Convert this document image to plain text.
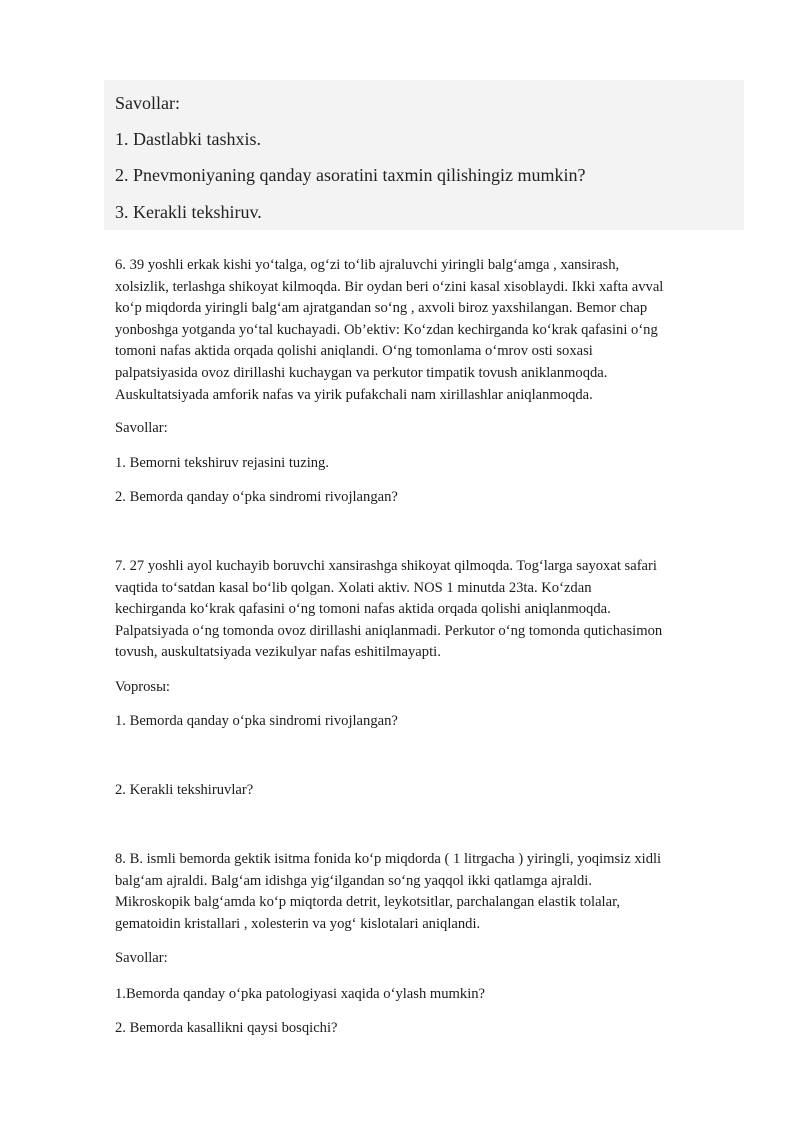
Savollar:
1. Dastlabki tashxis.
2. Pnevmoniyaning qanday asoratini taxmin qilishingiz mumkin?
3. Kerakli tekshiruv.
6. 39 yoshli erkak kishi yo‘talga, og‘zi to‘lib ajraluvchi yiringli balg‘amga , xansirash,
xolsizlik, terlashga shikoyat kilmoqda. Bir oydan beri o‘zini kasal xisoblaydi. Ikki xafta avval
ko‘p miqdorda yiringli balg‘am ajratgandan so‘ng , axvoli biroz yaxshilangan. Bemor chap
yonboshga yotganda yo‘tal kuchayadi. Ob’ektiv: Ko‘zdan kechirganda ko‘krak qafasini o‘ng
tomoni nafas aktida orqada qolishi aniqlandi. O‘ng tomonlama o‘mrov osti soxasi
palpatsiyasida ovoz dirillashi kuchaygan va perkutor timpatik tovush aniklanmoqda.
Auskultatsiyada amforik nafas va yirik pufakchali nam xirillashlar aniqlanmoqda.
Savollar:
1. Bemorni tekshiruv rejasini tuzing.
2. Bemorda qanday o‘pka sindromi rivojlangan?
7. 27 yoshli ayol kuchayib boruvchi xansirashga shikoyat qilmoqda. Tog‘larga sayoxat safari
vaqtida to‘satdan kasal bo‘lib qolgan. Xolati aktiv. NOS 1 minutda 23ta. Ko‘zdan
kechirganda ko‘krak qafasini o‘ng tomoni nafas aktida orqada qolishi aniqlanmoqda.
Palpatsiyada o‘ng tomonda ovoz dirillashi aniqlanmadi. Perkutor o‘ng tomonda qutichasimon
tovush, auskultatsiyada vezikulyar nafas eshitilmayapti.
Voprosы:
1. Bemorda qanday o‘pka sindromi rivojlangan?
2. Kerakli tekshiruvlar?
8. B. ismli bemorda gektik isitma fonida ko‘p miqdorda ( 1 litrgacha ) yiringli, yoqimsiz xidli
balg‘am ajraldi. Balg‘am idishga yig‘ilgandan so‘ng yaqqol ikki qatlamga ajraldi.
Mikroskopik balg‘amda ko‘p miqtorda detrit, leykotsitlar, parchalangan elastik tolalar,
gematoidin kristallari , xolesterin va yog‘ kislotalari aniqlandi.
Savollar:
1.Bemorda qanday o‘pka patologiyasi xaqida o‘ylash mumkin?
2. Bemorda kasallikni qaysi bosqichi?
